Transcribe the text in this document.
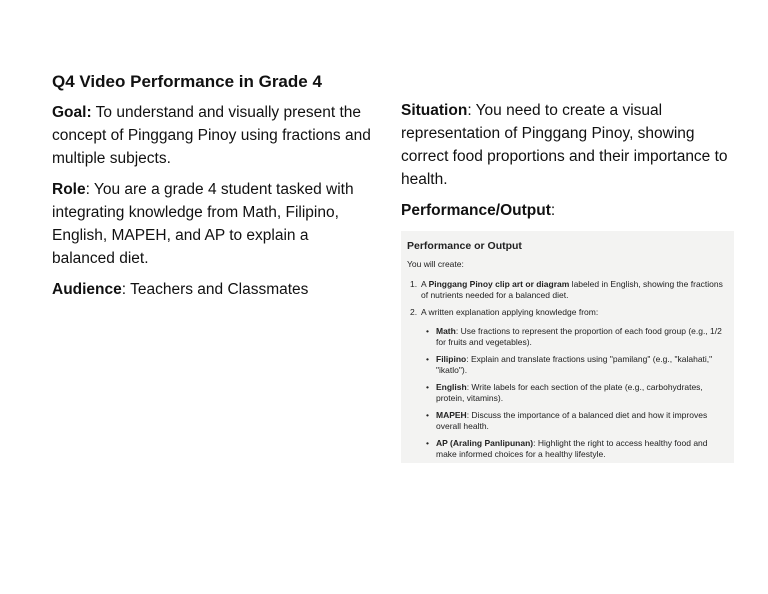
Q4 Video Performance in Grade 4

Goal: To understand and visually present the concept of Pinggang Pinoy using fractions and multiple subjects.

Role: You are a grade 4 student tasked with integrating knowledge from Math, Filipino, English, MAPEH, and AP to explain a balanced diet.

Audience: Teachers and Classmates

Situation: You need to create a visual representation of Pinggang Pinoy, showing correct food proportions and their importance to health.

Performance/Output:

Performance or Output
You will create:
1. A Pinggang Pinoy clip art or diagram labeled in English, showing the fractions of nutrients needed for a balanced diet.
2. A written explanation applying knowledge from:
• Math: Use fractions to represent the proportion of each food group (e.g., 1/2 for fruits and vegetables).
• Filipino: Explain and translate fractions using "pamilang" (e.g., "kalahati," "ikatlo").
• English: Write labels for each section of the plate (e.g., carbohydrates, protein, vitamins).
• MAPEH: Discuss the importance of a balanced diet and how it improves overall health.
• AP (Araling Panlipunan): Highlight the right to access healthy food and make informed choices for a healthy lifestyle.
